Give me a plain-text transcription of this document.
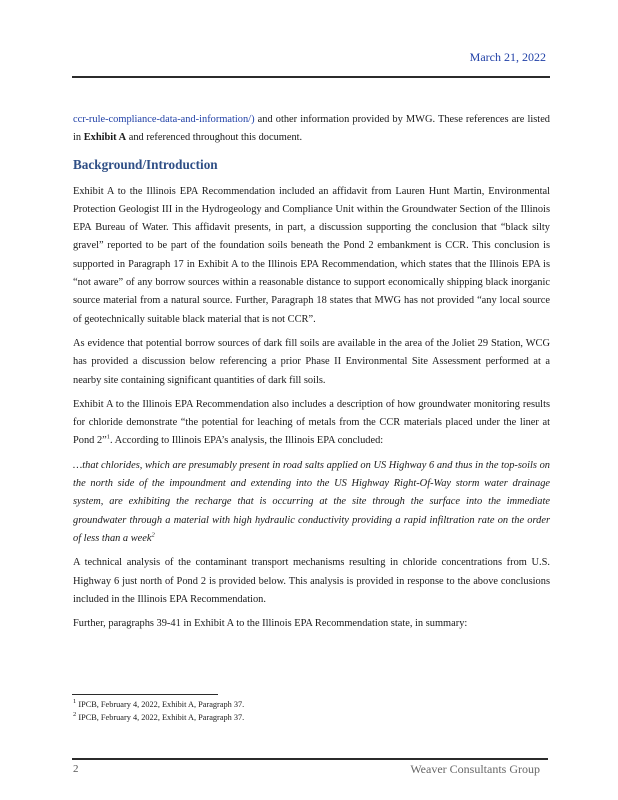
March 21, 2022

ccr-rule-compliance-data-and-information/) and other information provided by MWG. These references are listed in Exhibit A and referenced throughout this document.

Background/Introduction

Exhibit A to the Illinois EPA Recommendation included an affidavit from Lauren Hunt Martin, Environmental Protection Geologist III in the Hydrogeology and Compliance Unit within the Groundwater Section of the Illinois EPA Bureau of Water. This affidavit presents, in part, a discussion supporting the conclusion that “black silty gravel” reported to be part of the foundation soils beneath the Pond 2 embankment is CCR. This conclusion is supported in Paragraph 17 in Exhibit A to the Illinois EPA Recommendation, which states that the Illinois EPA is “not aware” of any borrow sources within a reasonable distance to support economically shipping black inorganic source material from a natural source. Further, Paragraph 18 states that MWG has not provided “any local source of geotechnically suitable black material that is not CCR”.

As evidence that potential borrow sources of dark fill soils are available in the area of the Joliet 29 Station, WCG has provided a discussion below referencing a prior Phase II Environmental Site Assessment performed at a nearby site containing significant quantities of dark fill soils.

Exhibit A to the Illinois EPA Recommendation also includes a description of how groundwater monitoring results for chloride demonstrate “the potential for leaching of metals from the CCR materials placed under the liner at Pond 2”$^1$. According to Illinois EPA’s analysis, the Illinois EPA concluded:

…that chlorides, which are presumably present in road salts applied on US Highway 6 and thus in the top-soils on the north side of the impoundment and extending into the US Highway Right-Of-Way storm water drainage system, are exhibiting the recharge that is occurring at the site through the surface into the immediate groundwater through a material with high hydraulic conductivity providing a rapid infiltration rate on the order of less than a week$^2$

A technical analysis of the contaminant transport mechanisms resulting in chloride concentrations from U.S. Highway 6 just north of Pond 2 is provided below. This analysis is provided in response to the above conclusions included in the Illinois EPA Recommendation.

Further, paragraphs 39-41 in Exhibit A to the Illinois EPA Recommendation state, in summary:

$^1$ IPCB, February 4, 2022, Exhibit A, Paragraph 37.
$^2$ IPCB, February 4, 2022, Exhibit A, Paragraph 37.
2	Weaver Consultants Group
